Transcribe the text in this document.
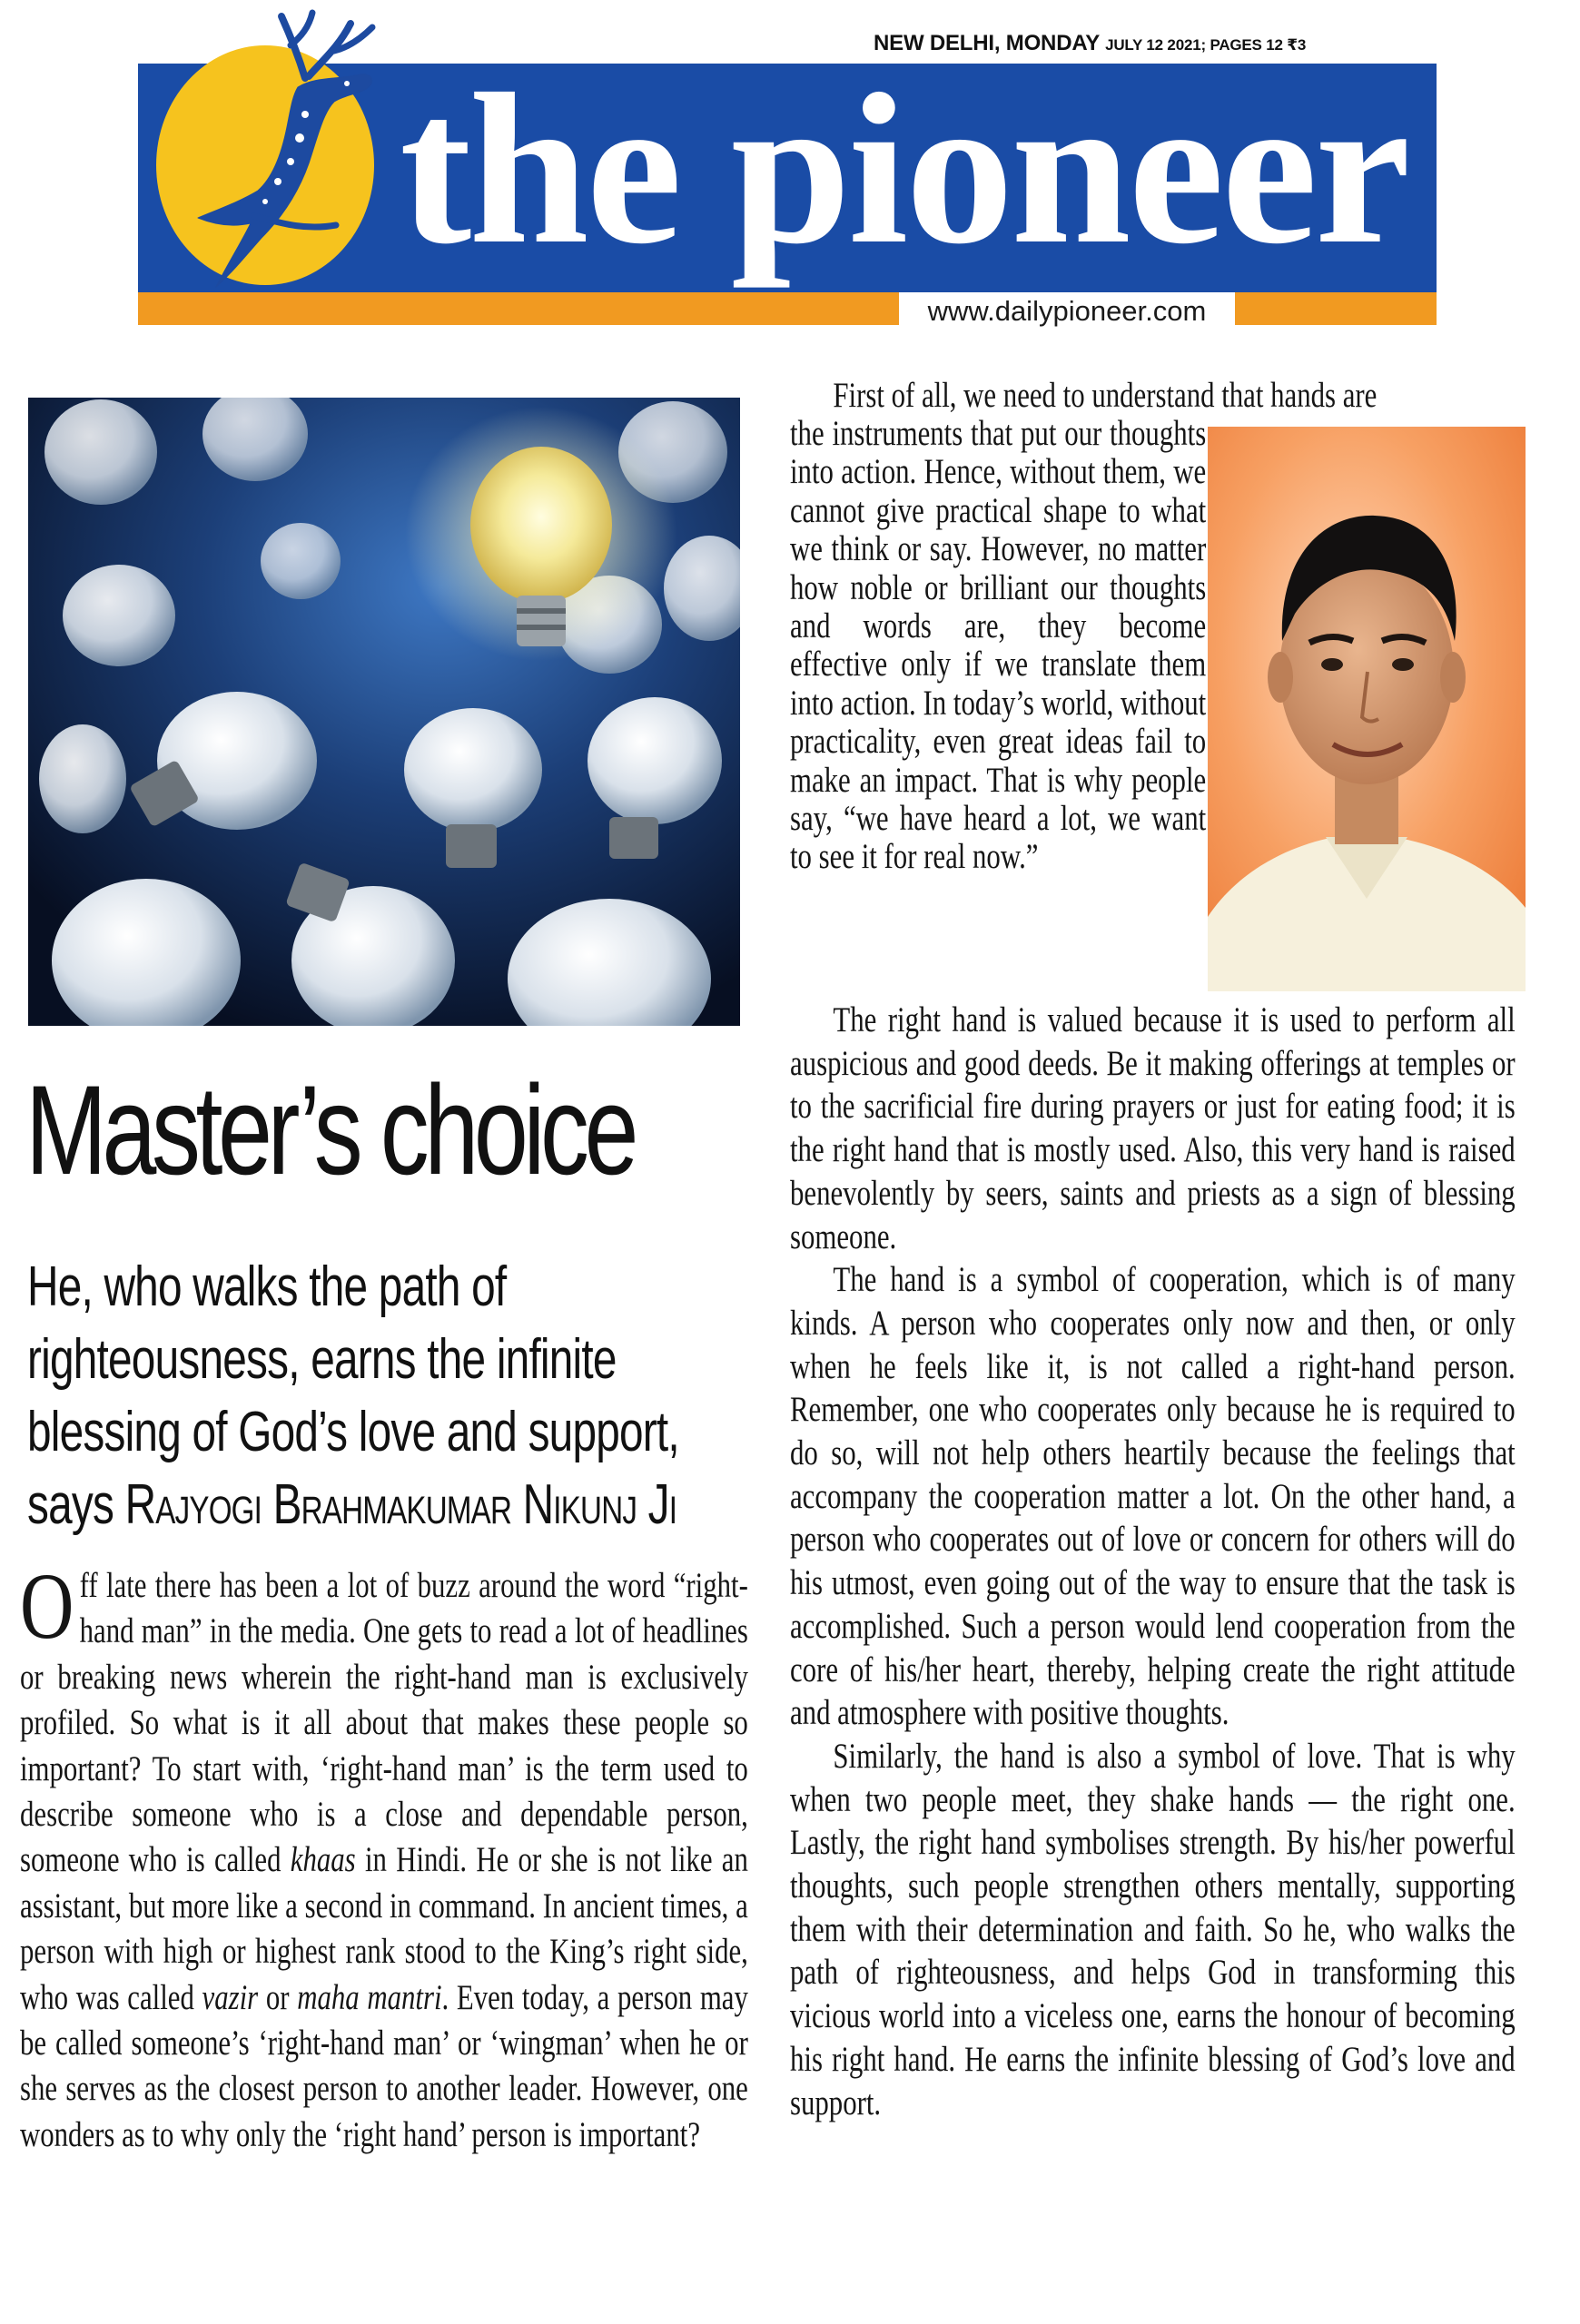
NEW DELHI, MONDAY JULY 12 2021; PAGES 12 ₹3
www.dailypioneer.com
the pioneer
Master’s choice
He, who walks the path of righteousness, earns the infinite blessing of God’s love and support, says Rajyogi Brahmakumar Nikunj Ji
O ff late there has been a lot of buzz around the word “right-hand man” in the media. One gets to read a lot of headlines or breaking news wherein the right-hand man is exclusively profiled. So what is it all about that makes these people so important? To start with, ‘right-hand man’ is the term used to describe someone who is a close and dependable person, someone who is called khaas in Hindi. He or she is not like an assistant, but more like a second in command. In ancient times, a person with high or highest rank stood to the King’s right side, who was called vazir or maha mantri. Even today, a person may be called someone’s ‘right-hand man’ or ‘wingman’ when he or she serves as the closest person to another leader. However, one wonders as to why only the ‘right hand’ person is important?

First of all, we need to understand that hands are

the instruments that put our thoughts into action. Hence, without them, we cannot give practical shape to what we think or say. However, no matter how noble or brilliant our thoughts and words are, they become effective only if we translate them into action. In today’s world, without practicality, even great ideas fail to make an impact. That is why people say, “we have heard a lot, we want to see it for real now.”

The right hand is valued because it is used to perform all auspicious and good deeds. Be it making offerings at temples or to the sacrificial fire during prayers or just for eating food; it is the right hand that is mostly used. Also, this very hand is raised benevolently by seers, saints and priests as a sign of blessing someone.

The hand is a symbol of cooperation, which is of many kinds. A person who cooperates only now and then, or only when he feels like it, is not called a right-hand person. Remember, one who cooperates only because he is required to do so, will not help others heartily because the feelings that accompany the cooperation matter a lot. On the other hand, a person who cooperates out of love or concern for others will do his utmost, even going out of the way to ensure that the task is accomplished. Such a person would lend cooperation from the core of his/her heart, thereby, helping create the right attitude and atmosphere with positive thoughts.

Similarly, the hand is also a symbol of love. That is why when two people meet, they shake hands — the right one. Lastly, the right hand symbolises strength. By his/her powerful thoughts, such people strengthen others mentally, supporting them with their determination and faith. So he, who walks the path of righteousness, and helps God in transforming this vicious world into a viceless one, earns the honour of becoming his right hand. He earns the infinite blessing of God’s love and support.
